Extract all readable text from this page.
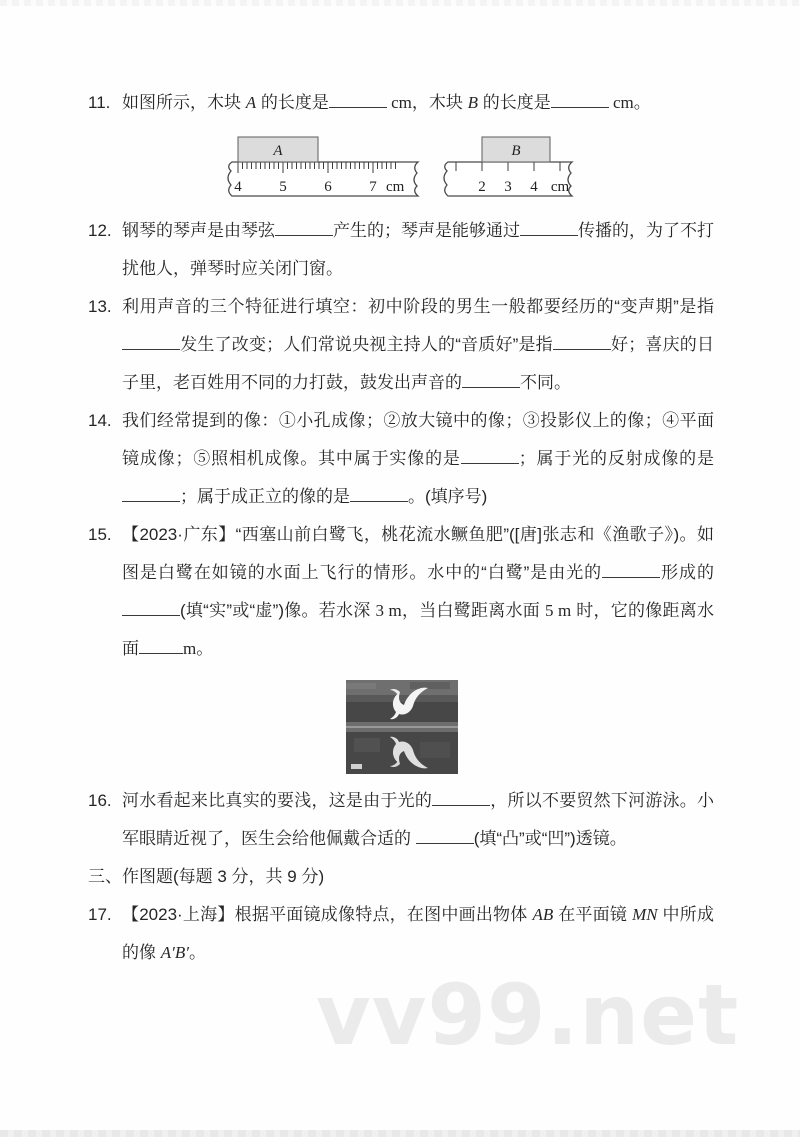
11. 如图所示，木块 A 的长度是	cm，木块 B 的长度是	cm。
4	5	6	7 cm
A
2 3 4 cm
B
12. 钢琴的琴声是由琴弦	产生的；琴声是能够通过	传播的，为了不打扰他人，弹琴时应关闭门窗。
13. 利用声音的三个特征进行填空：初中阶段的男生一般都要经历的“变声期”是指发生了改变；人们常说央视主持人的“音质好”是指	好；喜庆的日子里，老百姓用不同的力打鼓，鼓发出声音的	不同。
14. 我们经常提到的像：①小孔成像；②放大镜中的像；③投影仪上的像；④平面镜成像；⑤照相机成像。其中属于实像的是	；属于光的反射成像的是；属于成正立的像的是	。(填序号)
15. 【2023·广东】“西塞山前白鹭飞，桃花流水鳜鱼肥”([唐]张志和《渔歌子》)。如图是白鹭在如镜的水面上飞行的情形。水中的“白鹭”是由光的	形成的(填“实”或“虚”)像。若水深 3 m，当白鹭距离水面 5 m 时，它的像距离水面	m。
16. 河水看起来比真实的要浅，这是由于光的	，所以不要贸然下河游泳。小军眼睛近视了，医生会给他佩戴合适的	(填“凸”或“凹”)透镜。
三、作图题(每题 3 分，共 9 分)
17. 【2023·上海】根据平面镜成像特点，在图中画出物体 AB 在平面镜 MN 中所成的像 A′B′。
vv99.net
